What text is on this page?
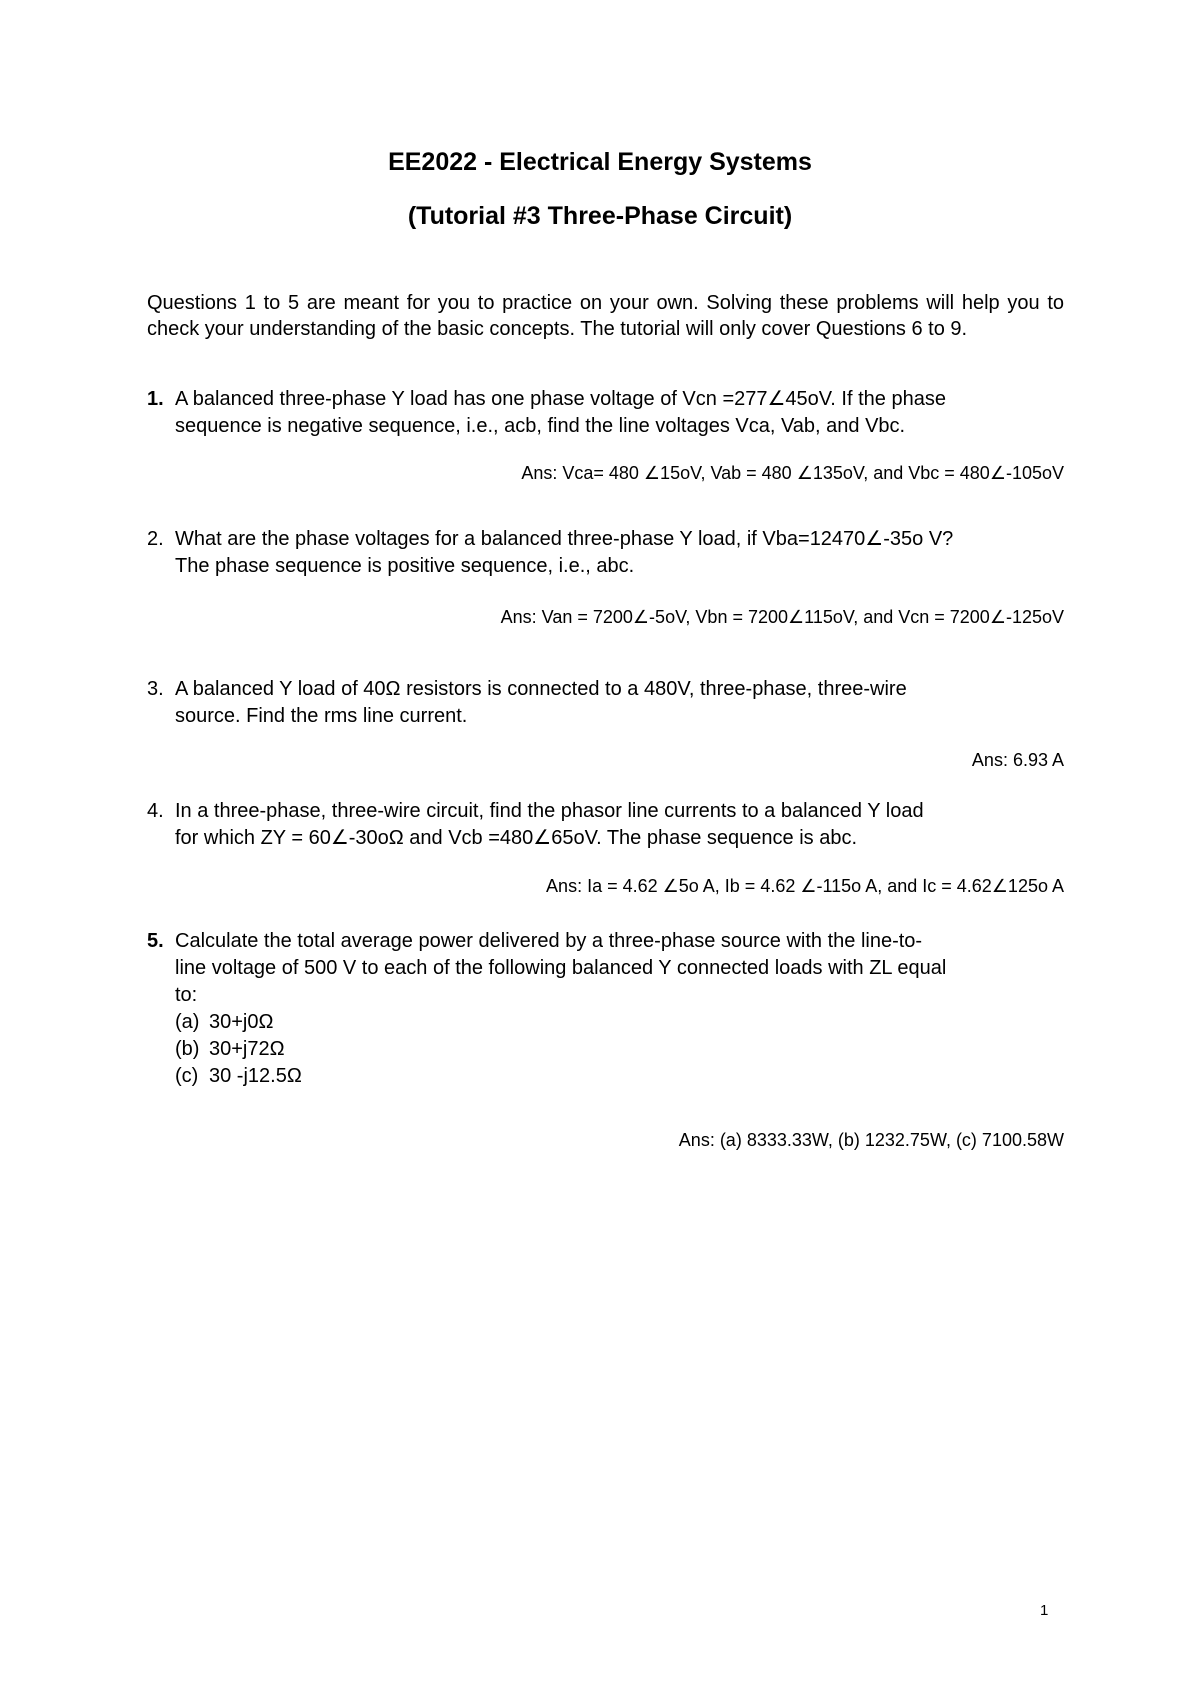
EE2022 - Electrical Energy Systems
(Tutorial #3 Three-Phase Circuit)
Questions 1 to 5 are meant for you to practice on your own. Solving these problems will help you to check your understanding of the basic concepts. The tutorial will only cover Questions 6 to 9.
1. A balanced three-phase Y load has one phase voltage of Vcn =277∠45oV. If the phase
sequence is negative sequence, i.e., acb, find the line voltages Vca, Vab, and Vbc.
Ans: Vca= 480 ∠15oV, Vab = 480 ∠135oV, and Vbc = 480∠-105oV
2. What are the phase voltages for a balanced three-phase Y load, if Vba=12470∠-35o V?
The phase sequence is positive sequence, i.e., abc.
Ans: Van = 7200∠-5oV, Vbn = 7200∠115oV, and Vcn = 7200∠-125oV
3. A balanced Y load of 40Ω resistors is connected to a 480V, three-phase, three-wire
source. Find the rms line current.
Ans: 6.93 A
4. In a three-phase, three-wire circuit, find the phasor line currents to a balanced Y load
for which ZY = 60∠-30oΩ and Vcb =480∠65oV. The phase sequence is abc.
Ans: Ia = 4.62 ∠5o A, Ib = 4.62 ∠-115o A, and Ic = 4.62∠125o A
5. Calculate the total average power delivered by a three-phase source with the line-to-
line voltage of 500 V to each of the following balanced Y connected loads with ZL equal
to:
(a) 30+j0Ω
(b) 30+j72Ω
(c) 30 -j12.5Ω
Ans: (a) 8333.33W, (b) 1232.75W, (c) 7100.58W
1
